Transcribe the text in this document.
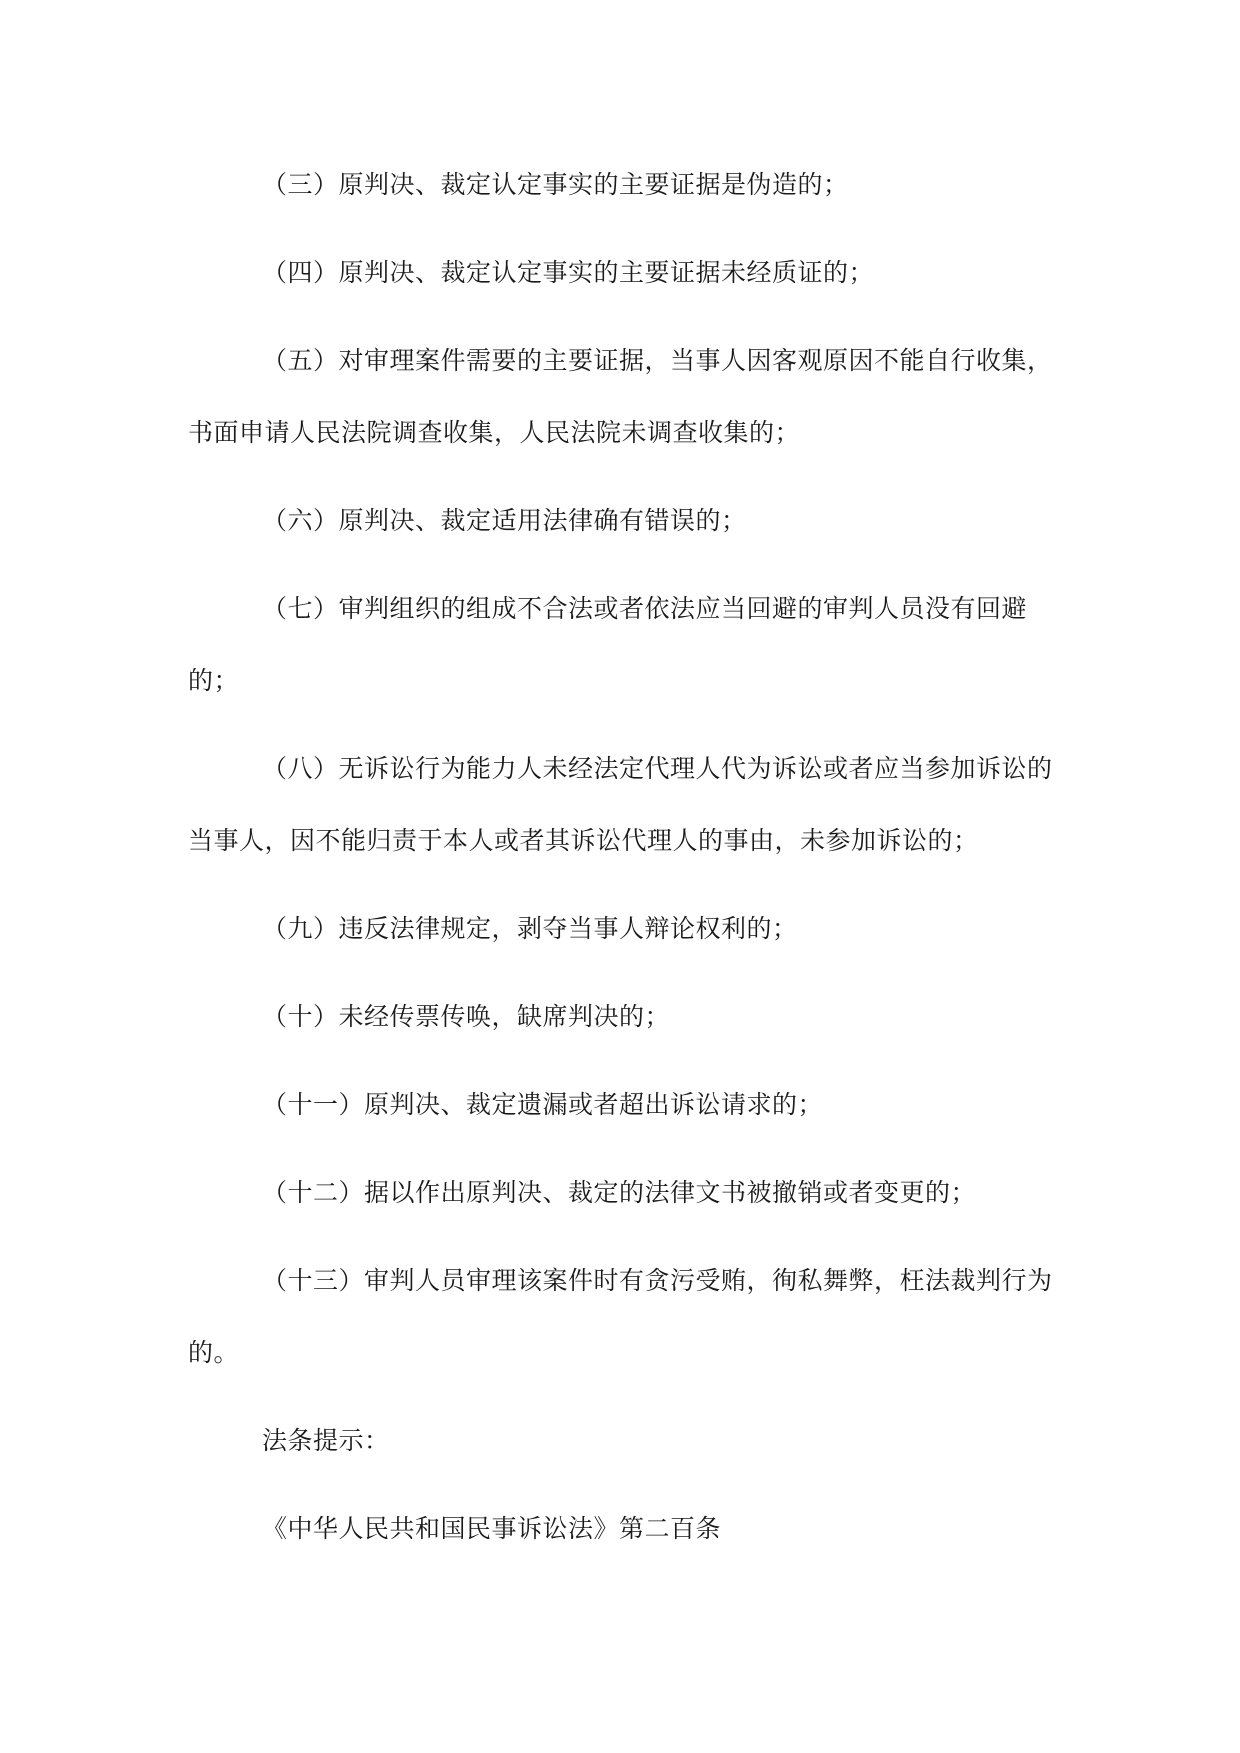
（三）原判决、裁定认定事实的主要证据是伪造的；

（四）原判决、裁定认定事实的主要证据未经质证的；

（五）对审理案件需要的主要证据，当事人因客观原因不能自行收集，

书面申请人民法院调查收集，人民法院未调查收集的；

（六）原判决、裁定适用法律确有错误的；

（七）审判组织的组成不合法或者依法应当回避的审判人员没有回避

的；

（八）无诉讼行为能力人未经法定代理人代为诉讼或者应当参加诉讼的

当事人，因不能归责于本人或者其诉讼代理人的事由，未参加诉讼的；

（九）违反法律规定，剥夺当事人辩论权利的；

（十）未经传票传唤，缺席判决的；

（十一）原判决、裁定遗漏或者超出诉讼请求的；

（十二）据以作出原判决、裁定的法律文书被撤销或者变更的；

（十三）审判人员审理该案件时有贪污受贿，徇私舞弊，枉法裁判行为

的。

法条提示：

《中华人民共和国民事诉讼法》第二百条
